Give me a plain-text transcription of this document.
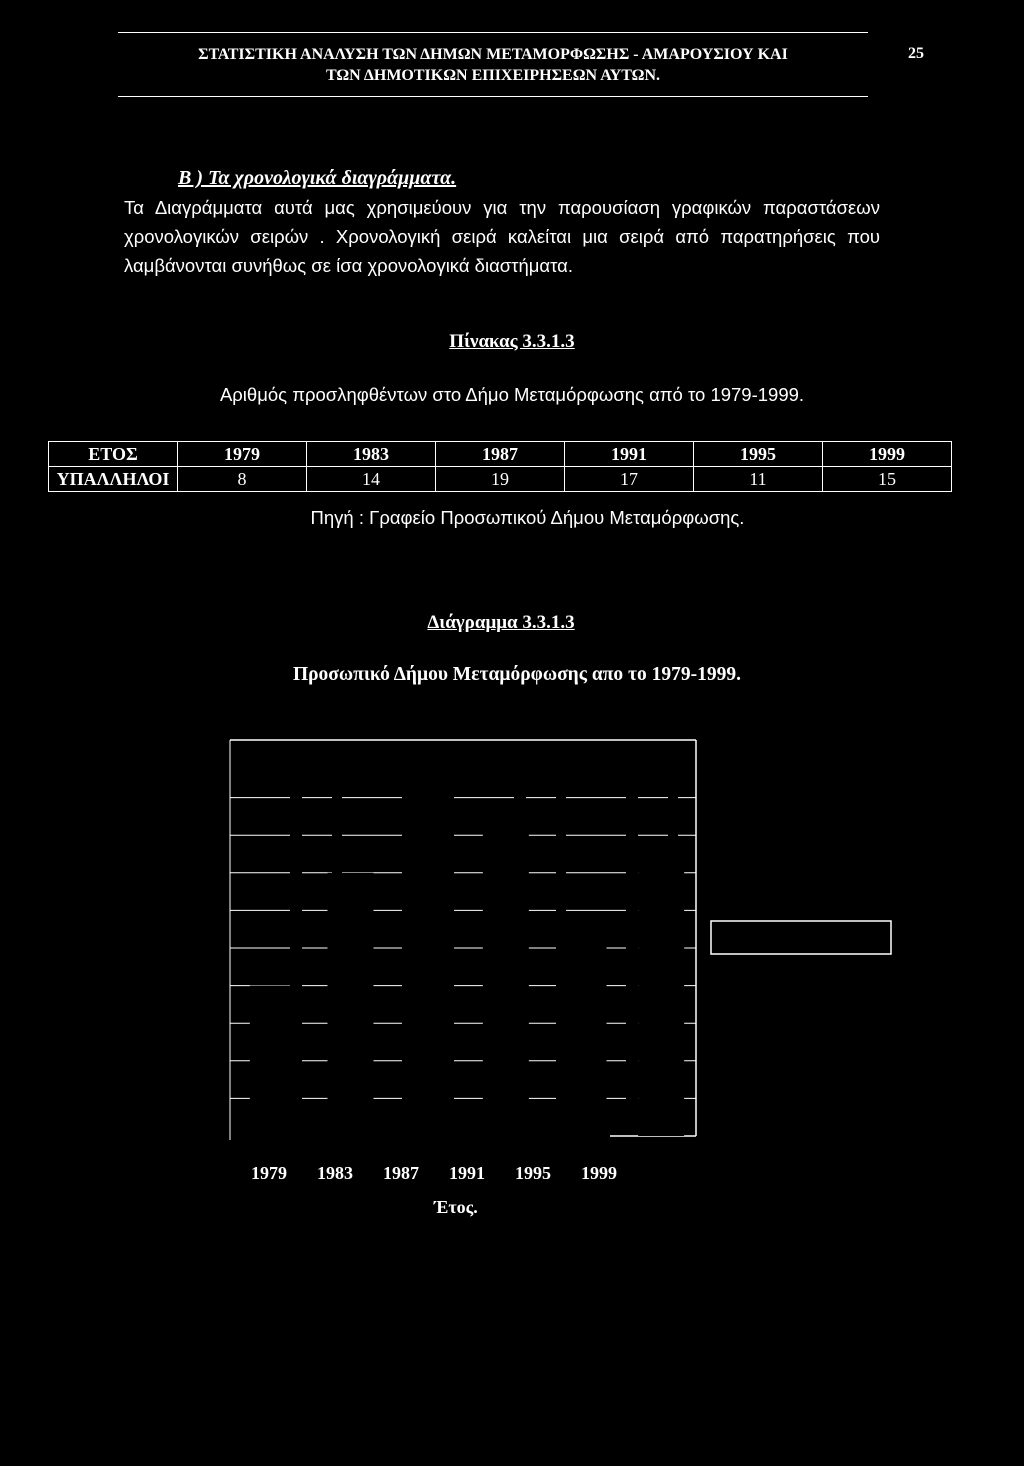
ΣΤΑΤΙΣΤΙΚΗ ΑΝΑΛΥΣΗ ΤΩΝ ΔΗΜΩΝ ΜΕΤΑΜΟΡΦΩΣΗΣ - ΑΜΑΡΟΥΣΙΟΥ ΚΑΙ
ΤΩΝ ΔΗΜΟΤΙΚΩΝ ΕΠΙΧΕΙΡΗΣΕΩΝ ΑΥΤΩΝ.
25
Β ) Τα χρονολογικά διαγράμματα.
Τα Διαγράμματα αυτά μας χρησιμεύουν για την παρουσίαση γραφικών παραστάσεων χρονολογικών σειρών . Χρονολογική σειρά καλείται μια σειρά από παρατηρήσεις που λαμβάνονται συνήθως σε ίσα χρονολογικά διαστήματα.
Πίνακας 3.3.1.3
Αριθμός προσληφθέντων στο Δήμο Μεταμόρφωσης από το 1979-1999.
ΕΤΟΣ	1979	1983	1987	1991	1995	1999
ΥΠΑΛΛΗΛΟΙ	8	14	19	17	11	15
Πηγή : Γραφείο Προσωπικού Δήμου Μεταμόρφωσης.
Διάγραμμα 3.3.1.3
Προσωπικό Δήμου Μεταμόρφωσης απο το 1979-1999.
1979 1983 1987 1991 1995 1999
Έτος.
